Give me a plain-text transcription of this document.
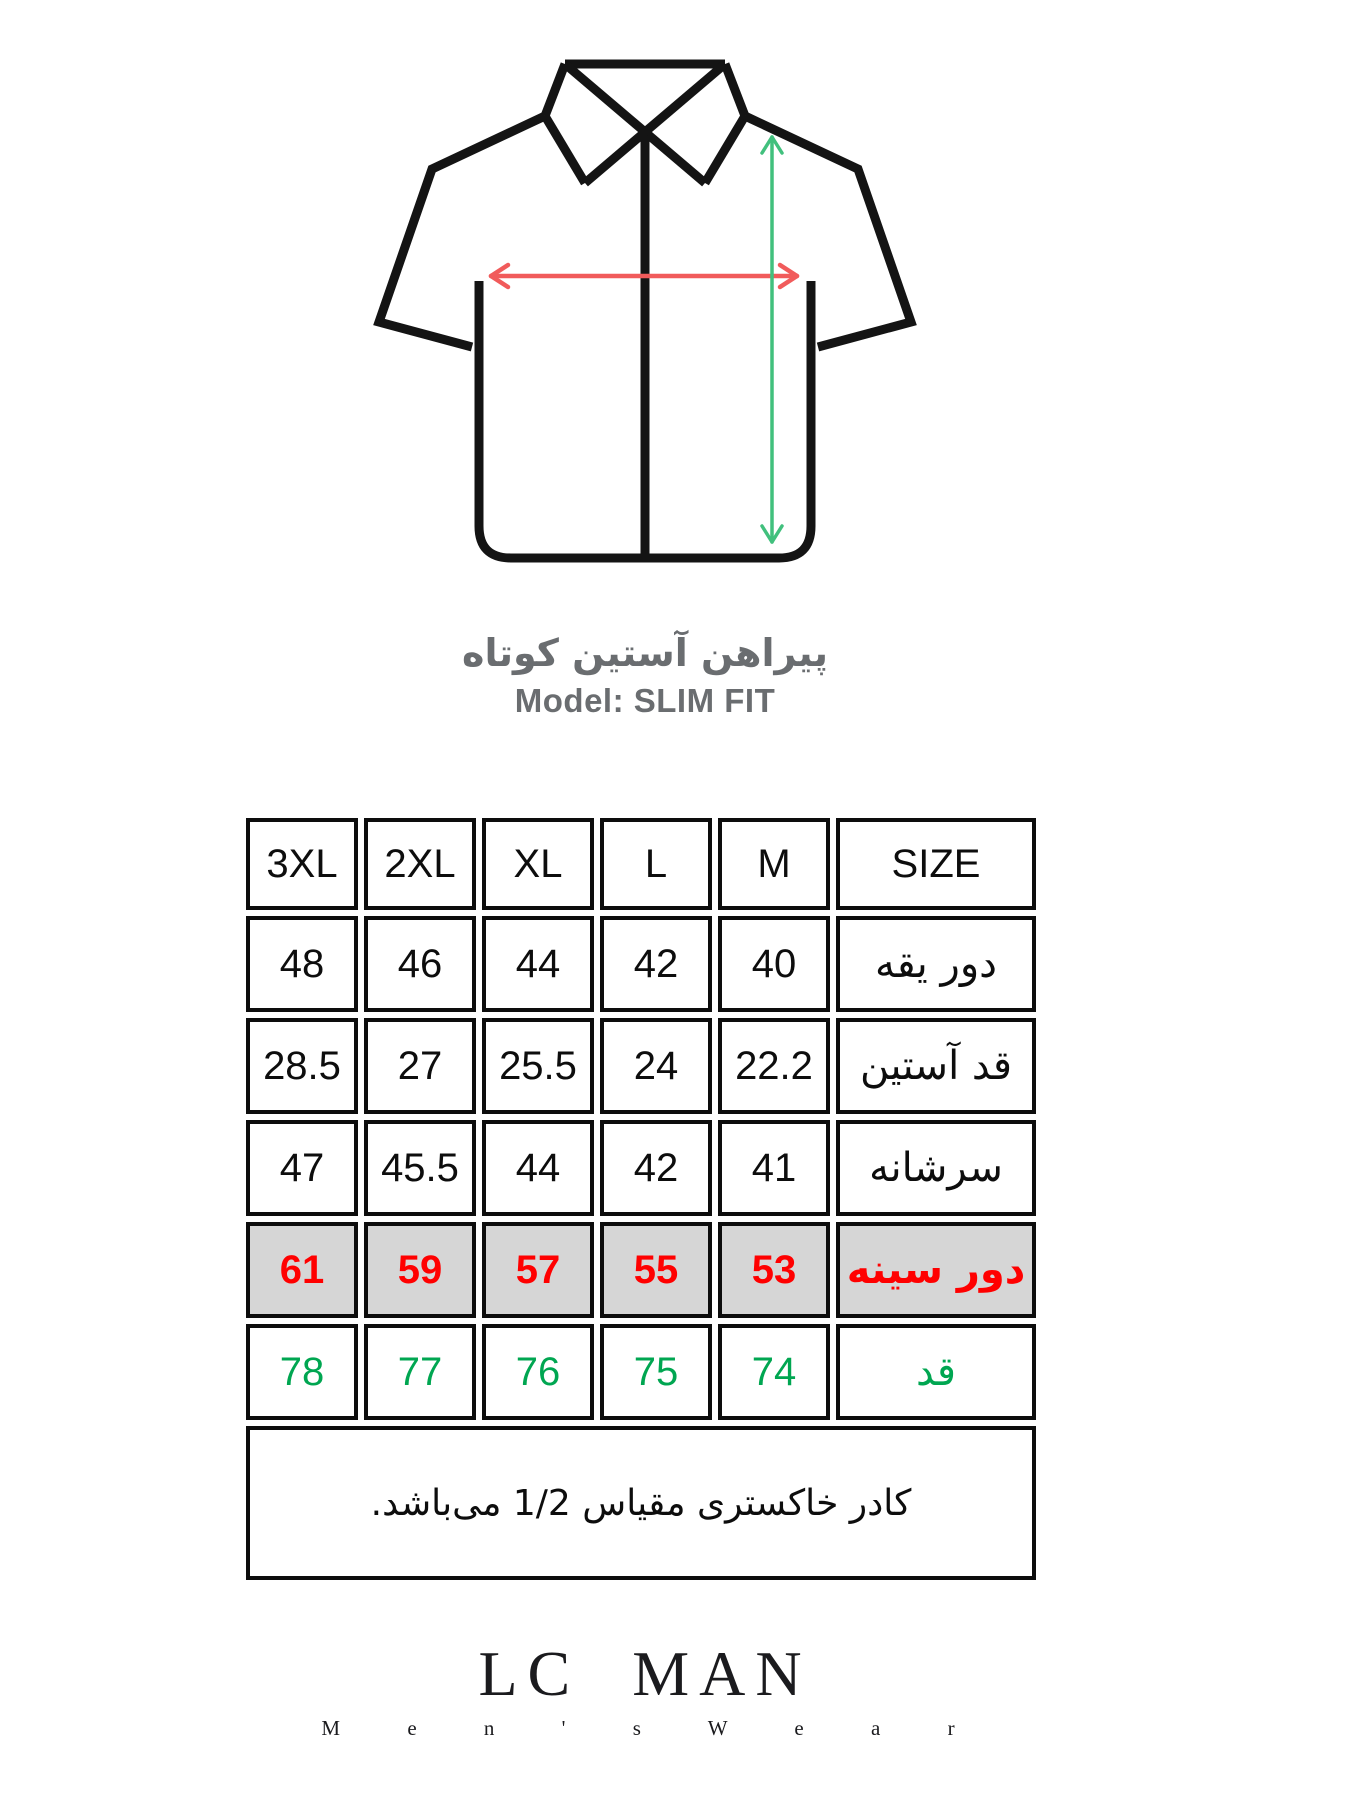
پیراهن آستین کوتاه
Model: SLIM FIT
3XL	2XL	XL	L	M	SIZE
48	46	44	42	40	دور یقه
28.5	27	25.5	24	22.2	قد آستین
47	45.5	44	42	41	سرشانه
61	59	57	55	53	دور سینه
78	77	76	75	74	قد
کادر خاکستری مقیاس 1/2 می‌باشد.					
LC MAN
M e n ' s W e a r
